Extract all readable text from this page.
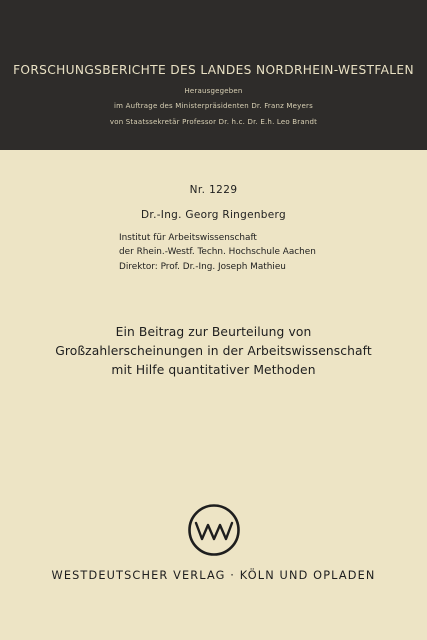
FORSCHUNGSBERICHTE DES LANDES NORDRHEIN-WESTFALEN
Herausgegeben
im Auftrage des Ministerpräsidenten Dr. Franz Meyers
von Staatssekretär Professor Dr. h.c. Dr. E.h. Leo Brandt
Nr. 1229
Dr.-Ing. Georg Ringenberg
Institut für Arbeitswissenschaft
der Rhein.-Westf. Techn. Hochschule Aachen
Direktor: Prof. Dr.-Ing. Joseph Mathieu
Ein Beitrag zur Beurteilung von
Großzahlerscheinungen in der Arbeitswissenschaft
mit Hilfe quantitativer Methoden
WESTDEUTSCHER VERLAG · KÖLN UND OPLADEN
